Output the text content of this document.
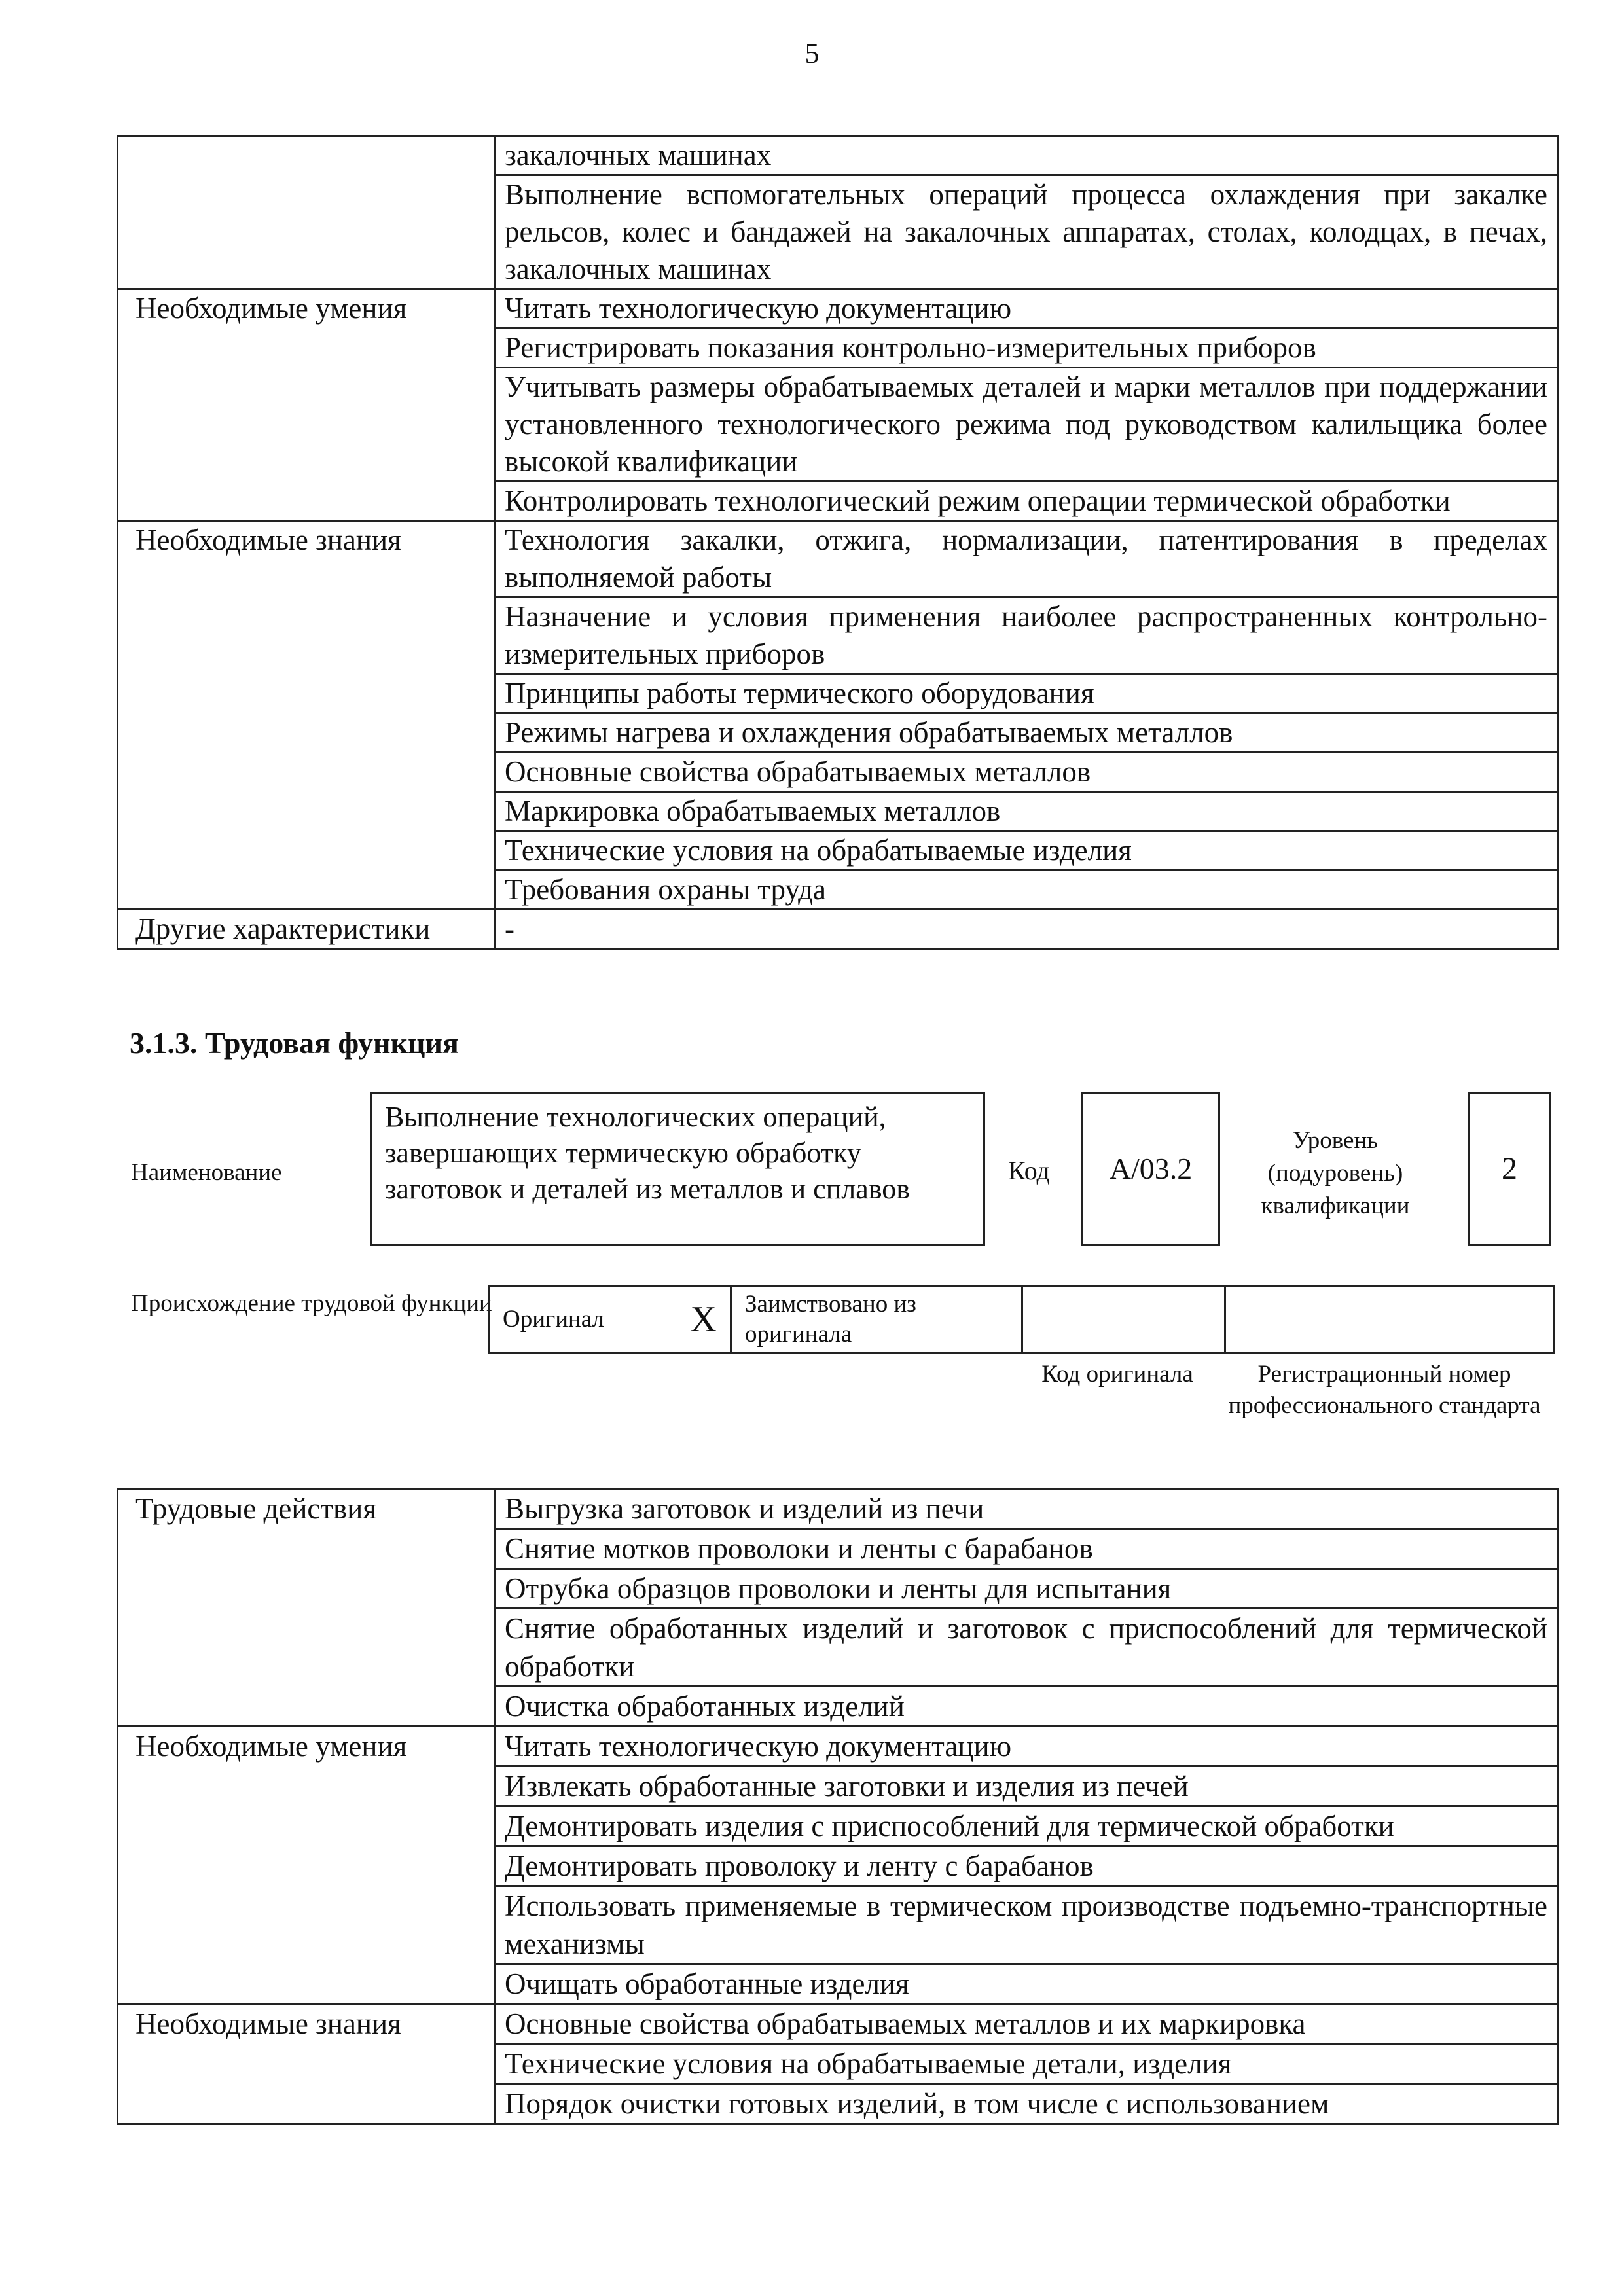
5
	закалочных машинах
	Выполнение вспомогательных операций процесса охлаждения при закалке рельсов, колес и бандажей на закалочных аппаратах, столах, колодцах, в печах, закалочных машинах
Необходимые умения	Читать технологическую документацию
	Регистрировать показания контрольно-измерительных приборов
	Учитывать размеры обрабатываемых деталей и марки металлов при поддержании установленного технологического режима под руководством калильщика более высокой квалификации
	Контролировать технологический режим операции термической обработки
Необходимые знания	Технология закалки, отжига, нормализации, патентирования в пределах выполняемой работы
	Назначение и условия применения наиболее распространенных контрольно-измерительных приборов
	Принципы работы термического оборудования
	Режимы нагрева и охлаждения обрабатываемых металлов
	Основные свойства обрабатываемых металлов
	Маркировка обрабатываемых металлов
	Технические условия на обрабатываемые изделия
	Требования охраны труда
Другие характеристики	-
3.1.3. Трудовая функция
Наименование
Выполнение технологических операций, завершающих термическую обработку заготовок и деталей из металлов и сплавов
Код	A/03.2
Уровень (подуровень) квалификации
2
Происхождение трудовой функции
Оригинал X	Заимствовано из оригинала		
Код оригинала	Регистрационный номер профессионального стандарта
Трудовые действия	Выгрузка заготовок и изделий из печи
	Снятие мотков проволоки и ленты с барабанов
	Отрубка образцов проволоки и ленты для испытания
	Снятие обработанных изделий и заготовок с приспособлений для термической обработки
	Очистка обработанных изделий
Необходимые умения	Читать технологическую документацию
	Извлекать обработанные заготовки и изделия из печей
	Демонтировать изделия с приспособлений для термической обработки
	Демонтировать проволоку и ленту с барабанов
	Использовать применяемые в термическом производстве подъемно-транспортные механизмы
	Очищать обработанные изделия
Необходимые знания	Основные свойства обрабатываемых металлов и их маркировка
	Технические условия на обрабатываемые детали, изделия
	Порядок очистки готовых изделий, в том числе с использованием
